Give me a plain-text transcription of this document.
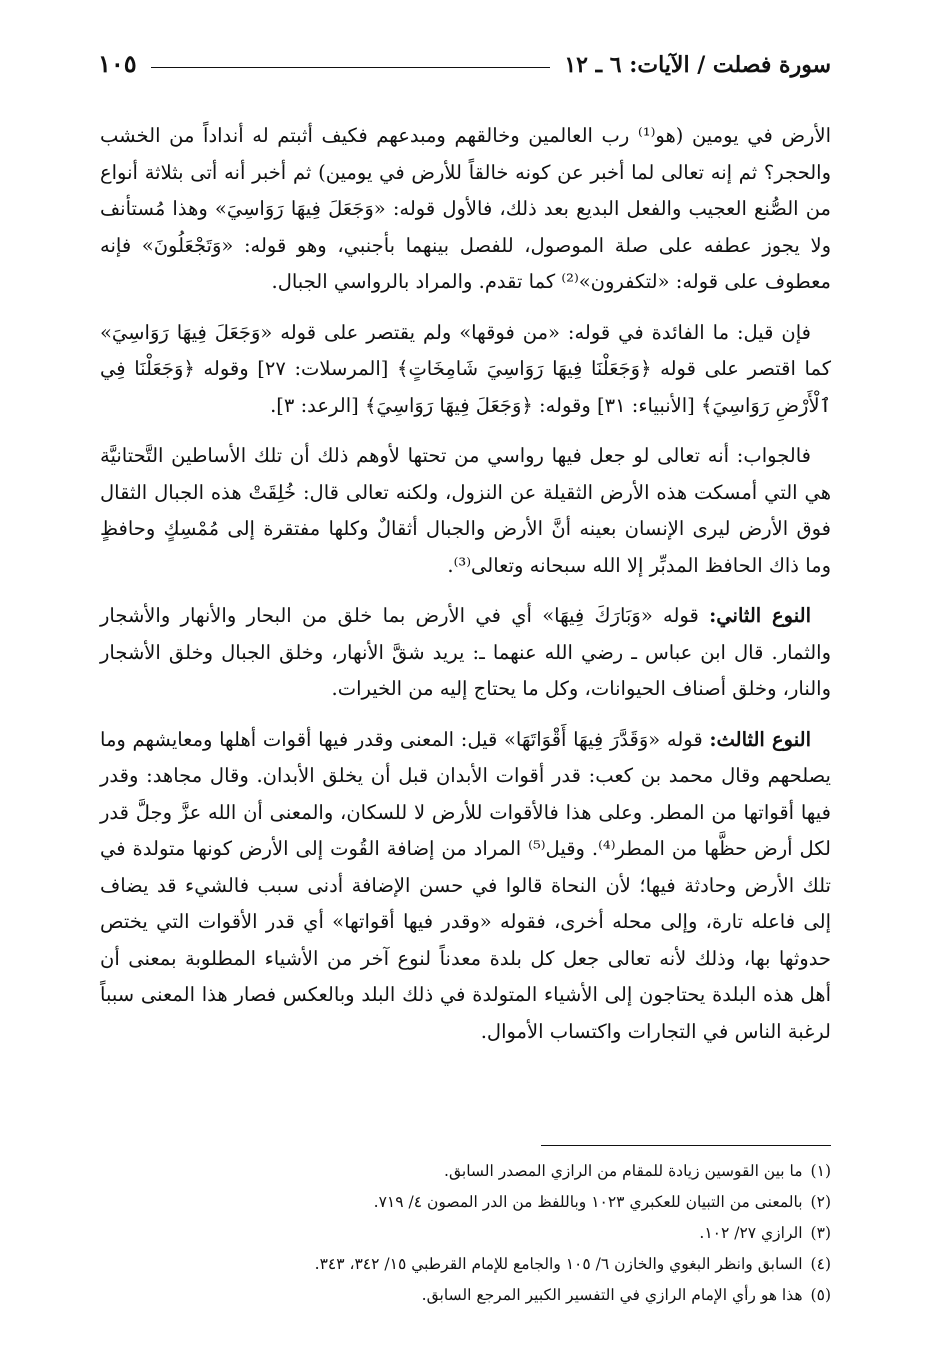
سورة فصلت / الآيات: ٦ ـ ١٢
١٠٥

الأرض في يومين (هو⁽¹⁾ رب العالمين وخالقهم ومبدعهم فكيف أثبتم له أنداداً من الخشب والحجر؟ ثم إنه تعالى لما أخبر عن كونه خالقاً للأرض في يومين) ثم أخبر أنه أتى بثلاثة أنواع من الصُّنع العجيب والفعل البديع بعد ذلك، فالأول قوله: «وَجَعَلَ فِيهَا رَوَاسِيَ» وهذا مُستأنف ولا يجوز عطفه على صلة الموصول، للفصل بينهما بأجنبي، وهو قوله: «وَتَجْعَلُونَ» فإنه معطوف على قوله: «لتكفرون»⁽²⁾ كما تقدم. والمراد بالرواسي الجبال.

فإن قيل: ما الفائدة في قوله: «من فوقها» ولم يقتصر على قوله «وَجَعَلَ فِيهَا رَوَاسِيَ» كما اقتصر على قوله ﴿وَجَعَلْنَا فِيهَا رَوَاسِيَ شَامِخَاتٍ﴾ [المرسلات: ٢٧] وقوله ﴿وَجَعَلْنَا فِي ٱلْأَرْضِ رَوَاسِيَ﴾ [الأنبياء: ٣١] وقوله: ﴿وَجَعَلَ فِيهَا رَوَاسِيَ﴾ [الرعد: ٣].

فالجواب: أنه تعالى لو جعل فيها رواسي من تحتها لأوهم ذلك أن تلك الأساطين التَّحتانيَّة هي التي أمسكت هذه الأرض الثقيلة عن النزول، ولكنه تعالى قال: خُلِقَتْ هذه الجبال الثقال فوق الأرض ليرى الإنسان بعينه أنَّ الأرض والجبال أثقالٌ وكلها مفتقرة إلى مُمْسِكٍ وحافظٍ وما ذاك الحافظ المدبِّر إلا الله سبحانه وتعالى⁽³⁾.

النوع الثاني: قوله «وَبَارَكَ فِيهَا» أي في الأرض بما خلق من البحار والأنهار والأشجار والثمار. قال ابن عباس ـ رضي الله عنهما ـ: يريد شقَّ الأنهار، وخلق الجبال وخلق الأشجار والنار، وخلق أصناف الحيوانات، وكل ما يحتاج إليه من الخيرات.

النوع الثالث: قوله «وَقَدَّرَ فِيهَا أَقْوَاتَهَا» قيل: المعنى وقدر فيها أقوات أهلها ومعايشهم وما يصلحهم وقال محمد بن كعب: قدر أقوات الأبدان قبل أن يخلق الأبدان. وقال مجاهد: وقدر فيها أقواتها من المطر. وعلى هذا فالأقوات للأرض لا للسكان، والمعنى أن الله عزَّ وجلَّ قدر لكل أرض حظَّها من المطر⁽⁴⁾. وقيل⁽⁵⁾ المراد من إضافة القُوت إلى الأرض كونها متولدة في تلك الأرض وحادثة فيها؛ لأن النحاة قالوا في حسن الإضافة أدنى سبب فالشيء قد يضاف إلى فاعله تارة، وإلى محله أخرى، فقوله «وقدر فيها أقواتها» أي قدر الأقوات التي يختص حدوثها بها، وذلك لأنه تعالى جعل كل بلدة معدناً لنوع آخر من الأشياء المطلوبة بمعنى أن أهل هذه البلدة يحتاجون إلى الأشياء المتولدة في ذلك البلد وبالعكس فصار هذا المعنى سبباً لرغبة الناس في التجارات واكتساب الأموال.

(١)
ما بين القوسين زيادة للمقام من الرازي المصدر السابق.
(٢)
بالمعنى من التبيان للعكبري ١٠٢٣ وباللفظ من الدر المصون ٤/ ٧١٩.
(٣)
الرازي ٢٧/ ١٠٢.
(٤)
السابق وانظر البغوي والخازن ٦/ ١٠٥ والجامع للإمام القرطبي ١٥/ ٣٤٢، ٣٤٣.
(٥)
هذا هو رأي الإمام الرازي في التفسير الكبير المرجع السابق.
